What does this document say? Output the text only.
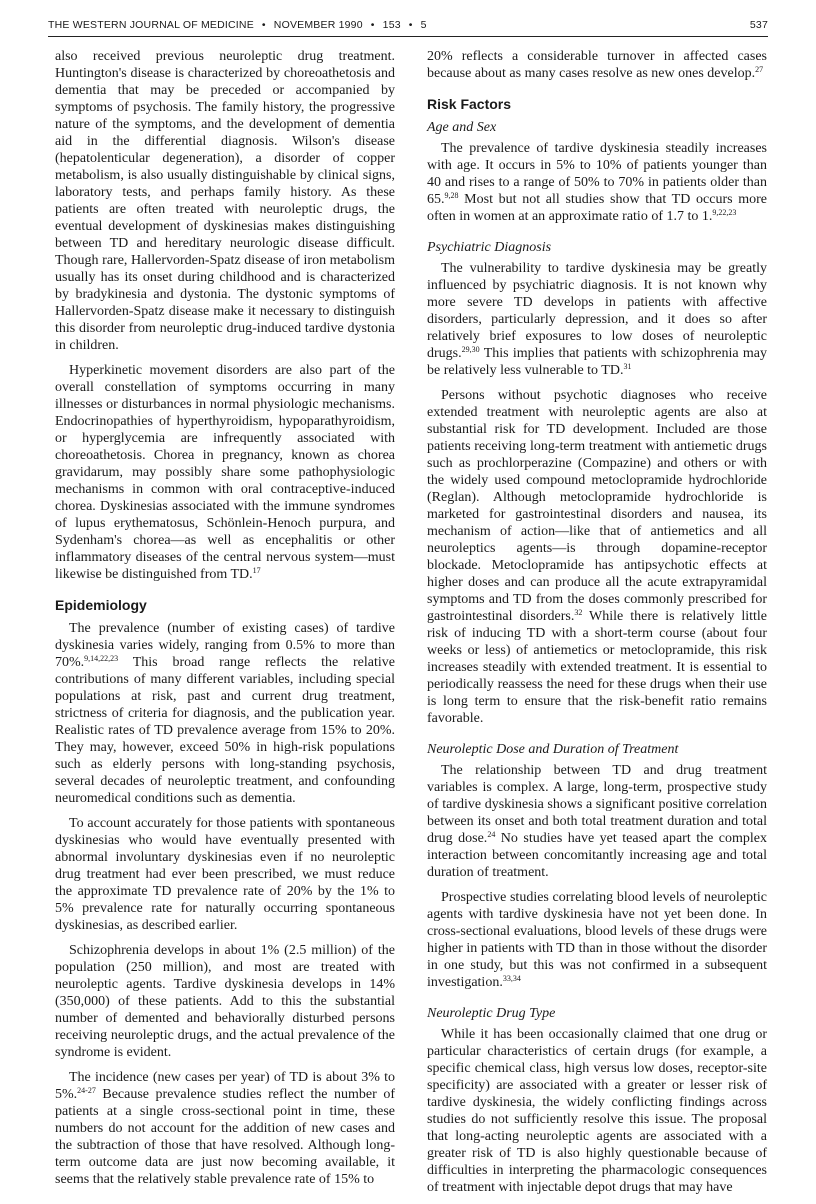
THE WESTERN JOURNAL OF MEDICINE • NOVEMBER 1990 • 153 • 5	537

also received previous neuroleptic drug treatment. Huntington's disease is characterized by choreoathetosis and dementia that may be preceded or accompanied by symptoms of psychosis. The family history, the progressive nature of the symptoms, and the development of dementia aid in the differential diagnosis. Wilson's disease (hepatolenticular degeneration), a disorder of copper metabolism, is also usually distinguishable by clinical signs, laboratory tests, and perhaps family history. As these patients are often treated with neuroleptic drugs, the eventual development of dyskinesias makes distinguishing between TD and hereditary neurologic disease difficult. Though rare, Hallervorden-Spatz disease of iron metabolism usually has its onset during childhood and is characterized by bradykinesia and dystonia. The dystonic symptoms of Hallervorden-Spatz disease make it necessary to distinguish this disorder from neuroleptic drug-induced tardive dystonia in children.

Hyperkinetic movement disorders are also part of the overall constellation of symptoms occurring in many illnesses or disturbances in normal physiologic mechanisms. Endocrinopathies of hyperthyroidism, hypoparathyroidism, or hyperglycemia are infrequently associated with choreoathetosis. Chorea in pregnancy, known as chorea gravidarum, may possibly share some pathophysiologic mechanisms in common with oral contraceptive-induced chorea. Dyskinesias associated with the immune syndromes of lupus erythematosus, Schönlein-Henoch purpura, and Sydenham's chorea—as well as encephalitis or other inflammatory diseases of the central nervous system—must likewise be distinguished from TD.$^{17}$

Epidemiology

The prevalence (number of existing cases) of tardive dyskinesia varies widely, ranging from 0.5% to more than 70%.$^{9,14,22,23}$ This broad range reflects the relative contributions of many different variables, including special populations at risk, past and current drug treatment, strictness of criteria for diagnosis, and the publication year. Realistic rates of TD prevalence average from 15% to 20%. They may, however, exceed 50% in high-risk populations such as elderly persons with long-standing psychosis, several decades of neuroleptic treatment, and confounding neuromedical conditions such as dementia.

To account accurately for those patients with spontaneous dyskinesias who would have eventually presented with abnormal involuntary dyskinesias even if no neuroleptic drug treatment had ever been prescribed, we must reduce the approximate TD prevalence rate of 20% by the 1% to 5% prevalence rate for naturally occurring spontaneous dyskinesias, as described earlier.

Schizophrenia develops in about 1% (2.5 million) of the population (250 million), and most are treated with neuroleptic agents. Tardive dyskinesia develops in 14% (350,000) of these patients. Add to this the substantial number of demented and behaviorally disturbed persons receiving neuroleptic drugs, and the actual prevalence of the syndrome is evident.

The incidence (new cases per year) of TD is about 3% to 5%.$^{24-27}$ Because prevalence studies reflect the number of patients at a single cross-sectional point in time, these numbers do not account for the addition of new cases and the subtraction of those that have resolved. Although long-term outcome data are just now becoming available, it seems that the relatively stable prevalence rate of 15% to

20% reflects a considerable turnover in affected cases because about as many cases resolve as new ones develop.$^{27}$

Risk Factors
Age and Sex

The prevalence of tardive dyskinesia steadily increases with age. It occurs in 5% to 10% of patients younger than 40 and rises to a range of 50% to 70% in patients older than 65.$^{9,28}$ Most but not all studies show that TD occurs more often in women at an approximate ratio of 1.7 to 1.$^{9,22,23}$

Psychiatric Diagnosis

The vulnerability to tardive dyskinesia may be greatly influenced by psychiatric diagnosis. It is not known why more severe TD develops in patients with affective disorders, particularly depression, and it does so after relatively brief exposures to low doses of neuroleptic drugs.$^{29,30}$ This implies that patients with schizophrenia may be relatively less vulnerable to TD.$^{31}$

Persons without psychotic diagnoses who receive extended treatment with neuroleptic agents are also at substantial risk for TD development. Included are those patients receiving long-term treatment with antiemetic drugs such as prochlorperazine (Compazine) and others or with the widely used compound metoclopramide hydrochloride (Reglan). Although metoclopramide hydrochloride is marketed for gastrointestinal disorders and nausea, its mechanism of action—like that of antiemetics and all neuroleptics agents—is through dopamine-receptor blockade. Metoclopramide has antipsychotic effects at higher doses and can produce all the acute extrapyramidal symptoms and TD from the doses commonly prescribed for gastrointestinal disorders.$^{32}$ While there is relatively little risk of inducing TD with a short-term course (about four weeks or less) of antiemetics or metoclopramide, this risk increases steadily with extended treatment. It is essential to periodically reassess the need for these drugs when their use is long term to ensure that the risk-benefit ratio remains favorable.

Neuroleptic Dose and Duration of Treatment

The relationship between TD and drug treatment variables is complex. A large, long-term, prospective study of tardive dyskinesia shows a significant positive correlation between its onset and both total treatment duration and total drug dose.$^{24}$ No studies have yet teased apart the complex interaction between concomitantly increasing age and total duration of treatment.

Prospective studies correlating blood levels of neuroleptic agents with tardive dyskinesia have not yet been done. In cross-sectional evaluations, blood levels of these drugs were higher in patients with TD than in those without the disorder in one study, but this was not confirmed in a subsequent investigation.$^{33,34}$

Neuroleptic Drug Type

While it has been occasionally claimed that one drug or particular characteristics of certain drugs (for example, a specific chemical class, high versus low doses, receptor-site specificity) are associated with a greater or lesser risk of tardive dyskinesia, the widely conflicting findings across studies do not sufficiently resolve this issue. The proposal that long-acting neuroleptic agents are associated with a greater risk of TD is also highly questionable because of difficulties in interpreting the pharmacologic consequences of treatment with injectable depot drugs that may have
